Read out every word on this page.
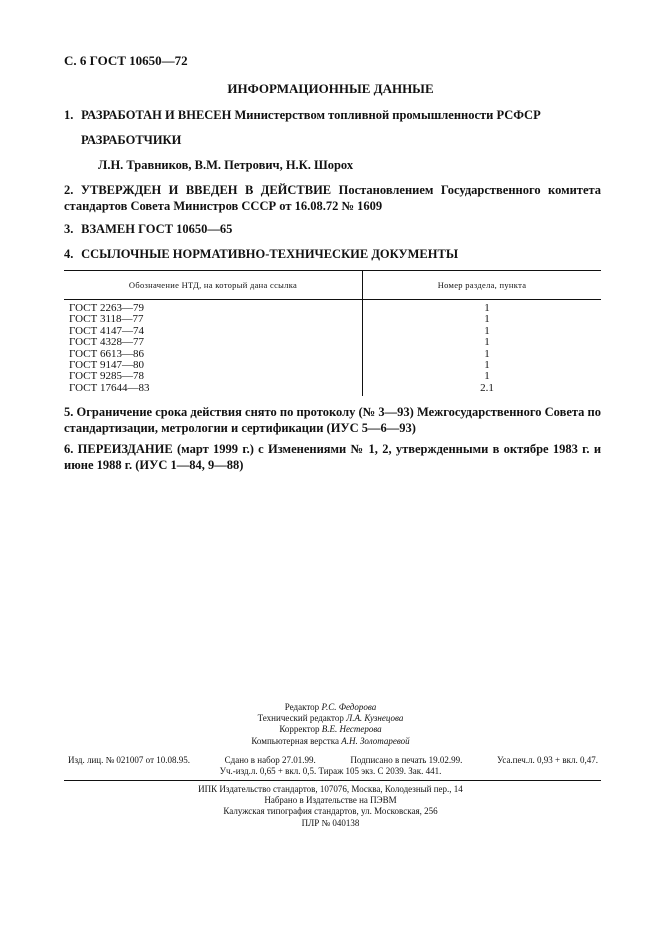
С. 6 ГОСТ 10650—72
ИНФОРМАЦИОННЫЕ ДАННЫЕ
1. РАЗРАБОТАН И ВНЕСЕН Министерством топливной промышленности РСФСР
РАЗРАБОТЧИКИ
Л.Н. Травников, В.М. Петрович, Н.К. Шорох
2. УТВЕРЖДЕН И ВВЕДЕН В ДЕЙСТВИЕ Постановлением Государственного комитета стандартов Совета Министров СССР от 16.08.72 № 1609
3. ВЗАМЕН ГОСТ 10650—65
4. ССЫЛОЧНЫЕ НОРМАТИВНО-ТЕХНИЧЕСКИЕ ДОКУМЕНТЫ
Обозначение НТД, на который дана ссылка	Номер раздела, пункта
ГОСТ 2263—79	1
ГОСТ 3118—77	1
ГОСТ 4147—74	1
ГОСТ 4328—77	1
ГОСТ 6613—86	1
ГОСТ 9147—80	1
ГОСТ 9285—78	1
ГОСТ 17644—83	2.1
5. Ограничение срока действия снято по протоколу (№ 3—93) Межгосударственного Совета по стандартизации, метрологии и сертификации (ИУС 5—6—93)
6. ПЕРЕИЗДАНИЕ (март 1999 г.) с Изменениями № 1, 2, утвержденными в октябре 1983 г. и июне 1988 г. (ИУС 1—84, 9—88)
Редактор Р.С. Федорова
Технический редактор Л.А. Кузнецова
Корректор В.Е. Нестерова
Компьютерная верстка А.Н. Золотаревой
Изд. лиц. № 021007 от 10.08.95.	Сдано в набор 27.01.99.	Подписано в печать 19.02.99.	Уса.печ.л. 0,93 + вкл. 0,47.
Уч.-изд.л. 0,65 + вкл. 0,5. Тираж 105 экз. С 2039. Зак. 441.
ИПК Издательство стандартов, 107076, Москва, Колодезный пер., 14
Набрано в Издательстве на ПЭВМ
Калужская типография стандартов, ул. Московская, 256
ПЛР № 040138
